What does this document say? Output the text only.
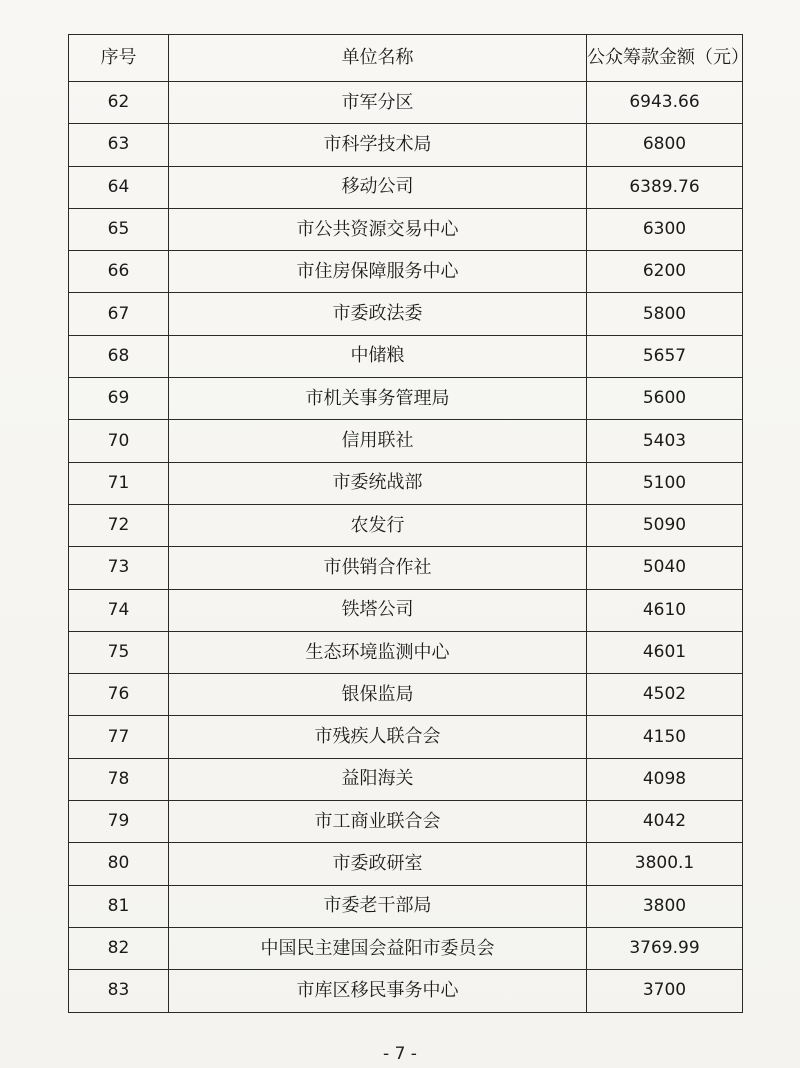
序号	单位名称	公众筹款金额（元）
62	市军分区	6943.66
63	市科学技术局	6800
64	移动公司	6389.76
65	市公共资源交易中心	6300
66	市住房保障服务中心	6200
67	市委政法委	5800
68	中储粮	5657
69	市机关事务管理局	5600
70	信用联社	5403
71	市委统战部	5100
72	农发行	5090
73	市供销合作社	5040
74	铁塔公司	4610
75	生态环境监测中心	4601
76	银保监局	4502
77	市残疾人联合会	4150
78	益阳海关	4098
79	市工商业联合会	4042
80	市委政研室	3800.1
81	市委老干部局	3800
82	中国民主建国会益阳市委员会	3769.99
83	市库区移民事务中心	3700
- 7 -
